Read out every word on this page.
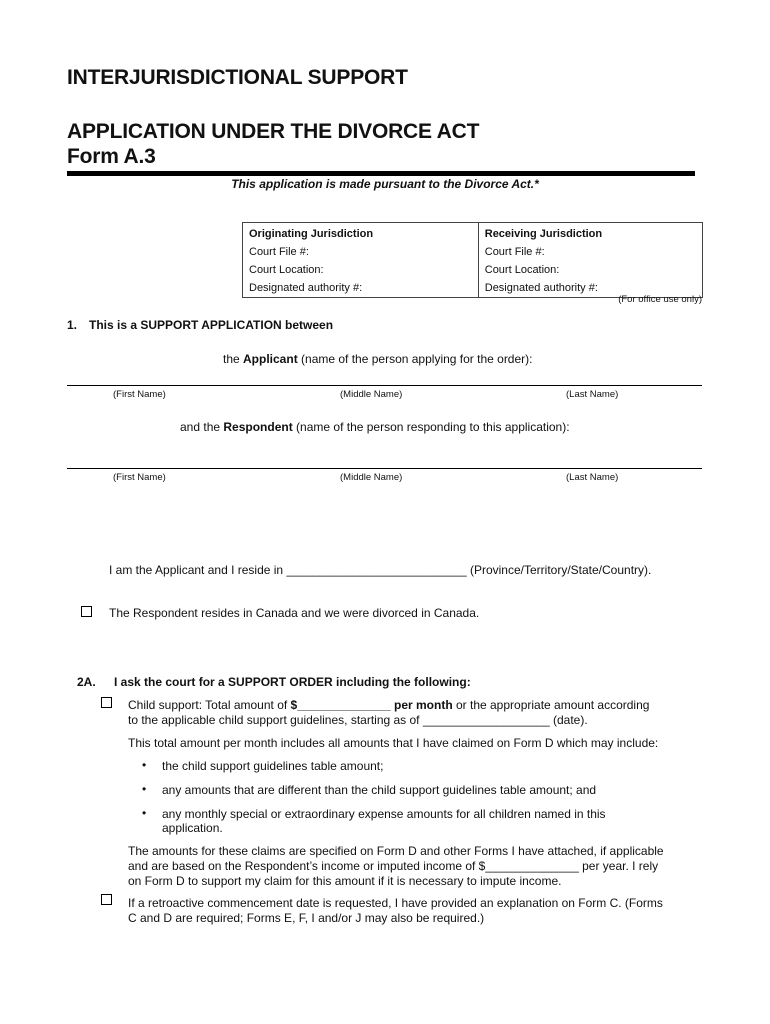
INTERJURISDICTIONAL SUPPORT
APPLICATION UNDER THE DIVORCE ACT
Form A.3
This application is made pursuant to the Divorce Act.*
Originating Jurisdiction	Receiving Jurisdiction
Court File #:	Court File #:
Court Location:	Court Location:
Designated authority #:	Designated authority #:
(For office use only)
1. This is a SUPPORT APPLICATION between
the Applicant (name of the person applying for the order):
(First Name)	(Middle Name)	(Last Name)
and the Respondent (name of the person responding to this application):
(First Name)	(Middle Name)	(Last Name)
I am the Applicant and I reside in ___________________________ (Province/Territory/State/Country).
The Respondent resides in Canada and we were divorced in Canada.
2A. I ask the court for a SUPPORT ORDER including the following:
Child support: Total amount of $______________ per month or the appropriate amount according
to the applicable child support guidelines, starting as of ___________________ (date).
This total amount per month includes all amounts that I have claimed on Form D which may include:
• the child support guidelines table amount;
• any amounts that are different than the child support guidelines table amount; and
• any monthly special or extraordinary expense amounts for all children named in this
application.
The amounts for these claims are specified on Form D and other Forms I have attached, if applicable
and are based on the Respondent’s income or imputed income of $______________ per year. I rely
on Form D to support my claim for this amount if it is necessary to impute income.
If a retroactive commencement date is requested, I have provided an explanation on Form C. (Forms
C and D are required; Forms E, F, I and/or J may also be required.)
